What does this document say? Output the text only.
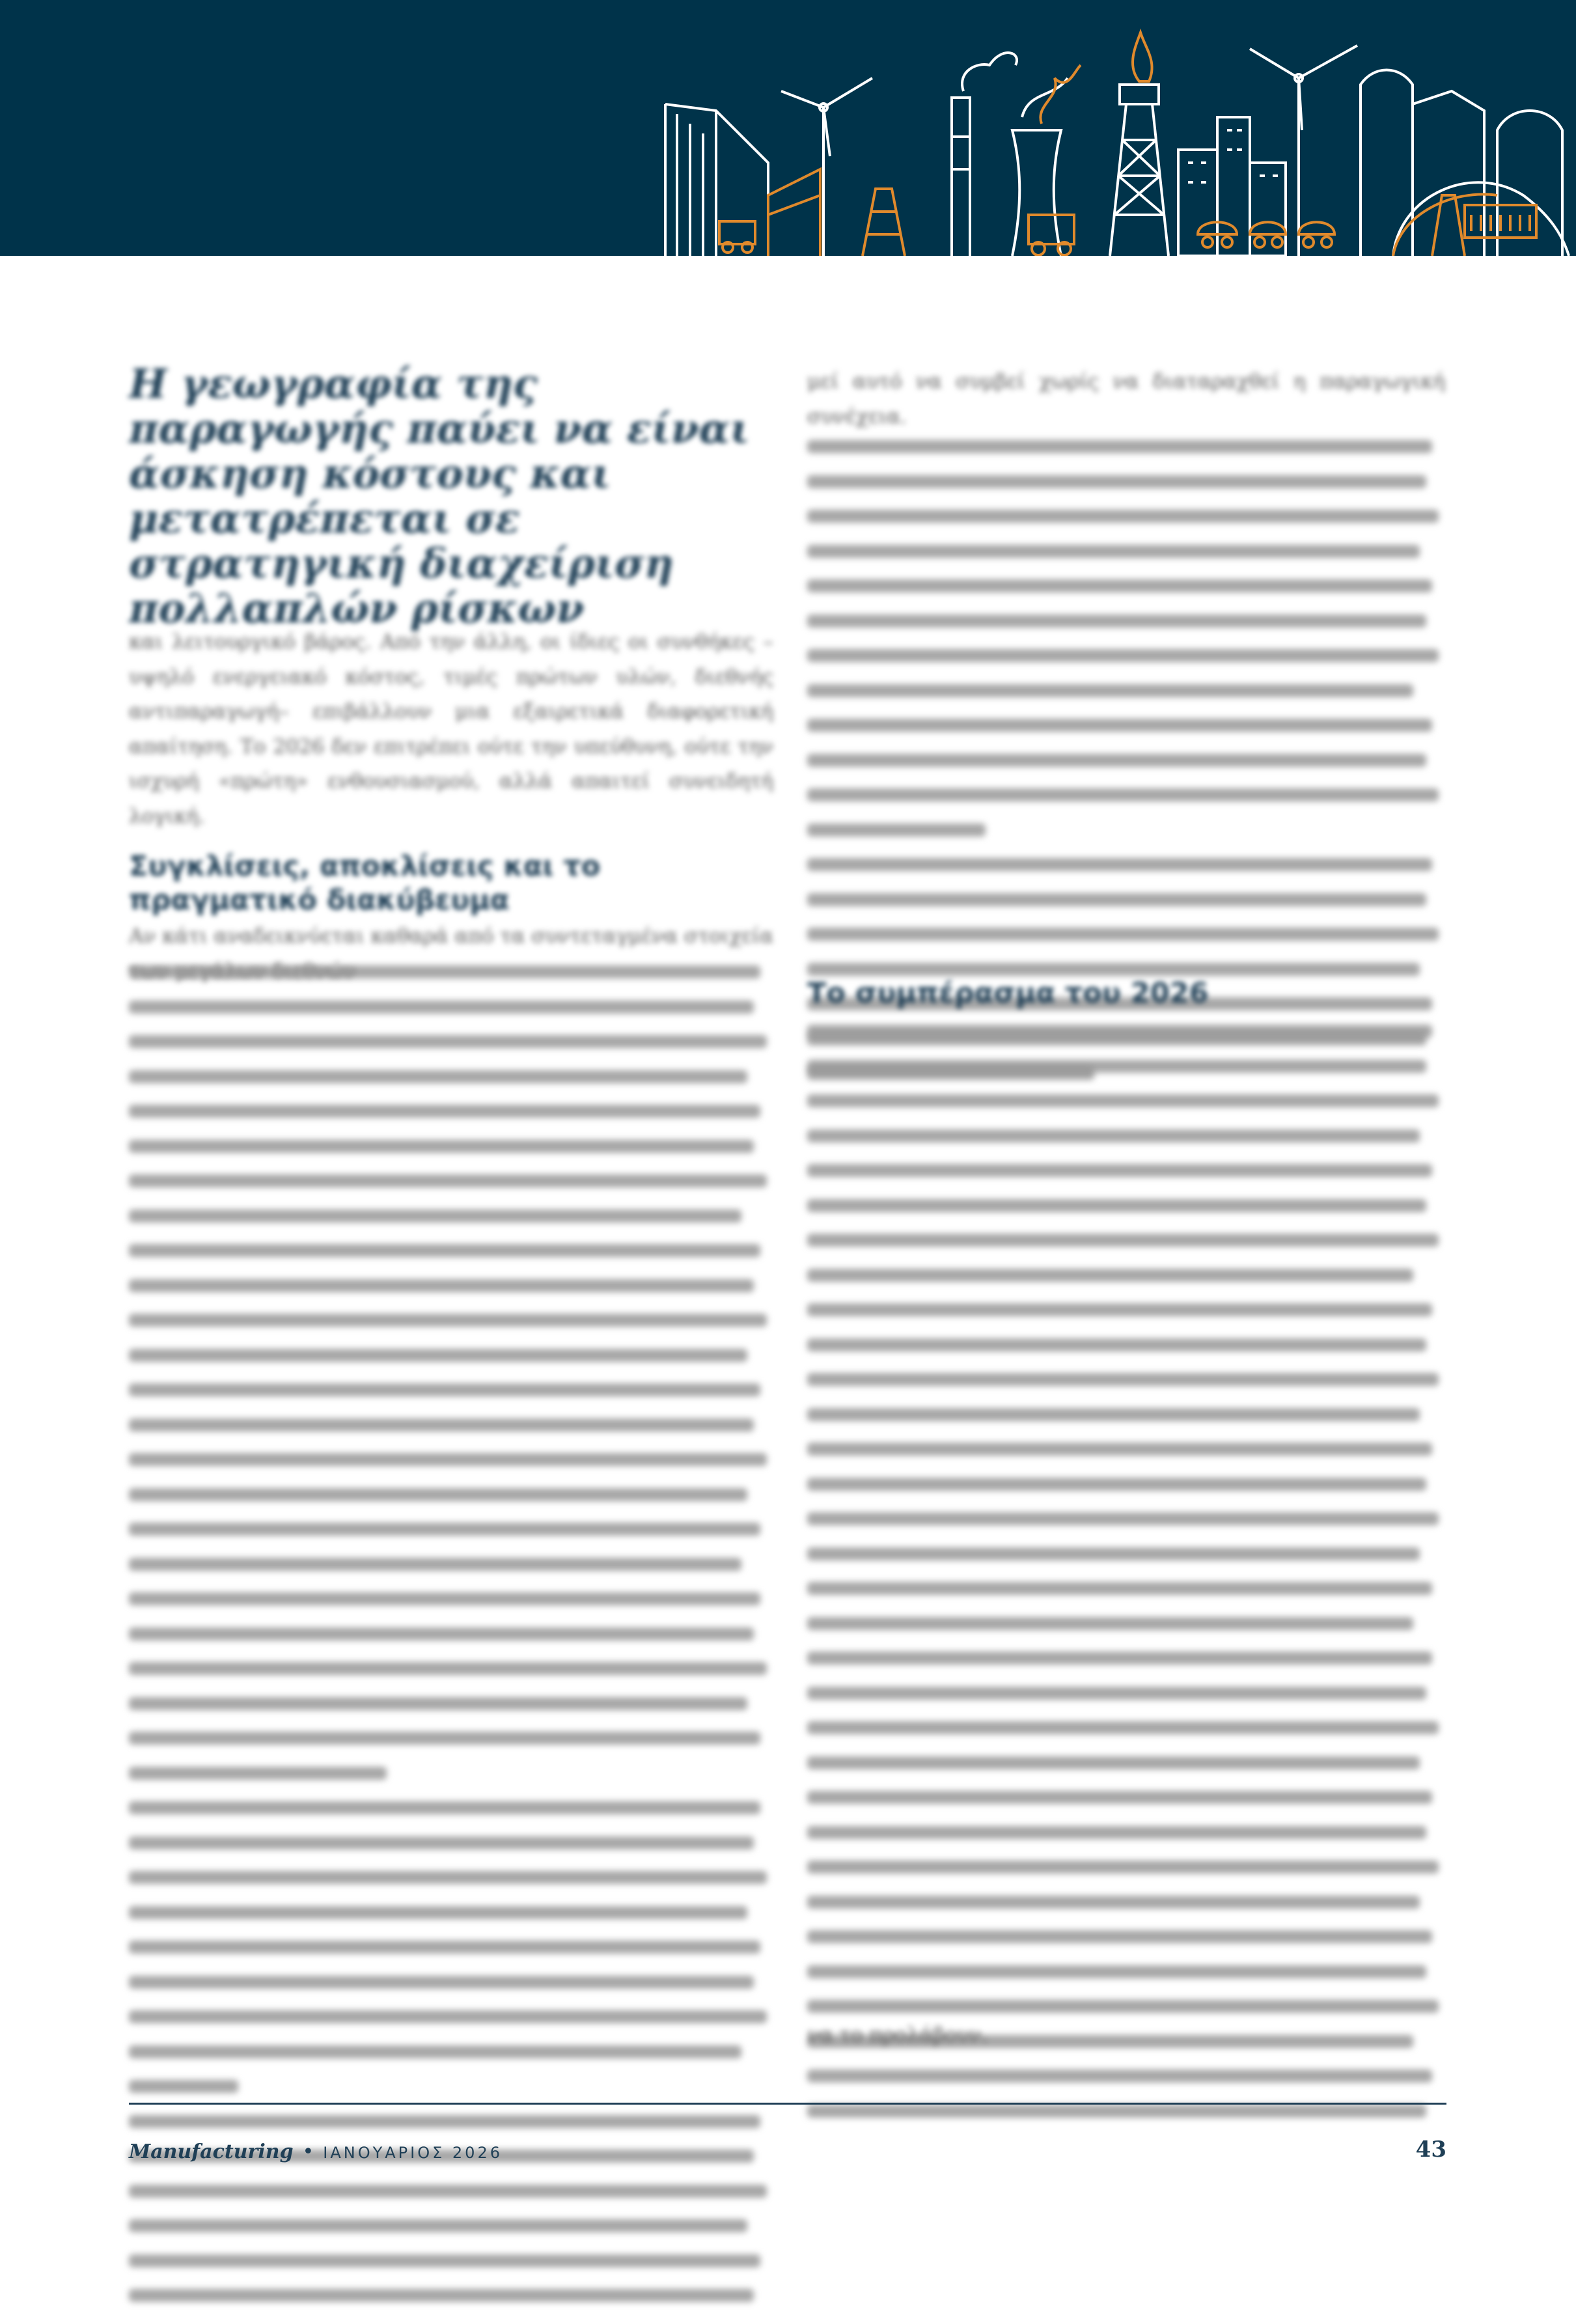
Η γεωγραφία της παραγωγής παύει να είναι άσκηση κόστους και μετατρέπεται σε στρατηγική διαχείριση πολλαπλών ρίσκων

και λειτουργικό βάρος. Από την άλλη, οι ίδιες οι συνθήκες –υψηλό ενεργειακό κόστος, τιμές πρώτων υλών, διεθνής αντιπαραγωγή– επιβάλλουν μια εξαιρετικά διαφορετική απαίτηση. Το 2026 δεν επιτρέπει ούτε την υπεύθυνη, ούτε την ισχυρή «πρώτη» ενθουσιασμού, αλλά απαιτεί συνειδητή λογική.

Συγκλίσεις, αποκλίσεις και το πραγματικό διακύβευμα

Αν κάτι αναδεικνύεται καθαρά από τα συντεταγμένα στοιχεία

μεί αυτό να συμβεί χωρίς να διαταραχθεί η παραγωγική συνέχεια.

Το συμπέρασμα του 2026

να το προλάβουν.

Manufacturing • ΙΑΝΟΥΑΡΙΟΣ 2026	43
